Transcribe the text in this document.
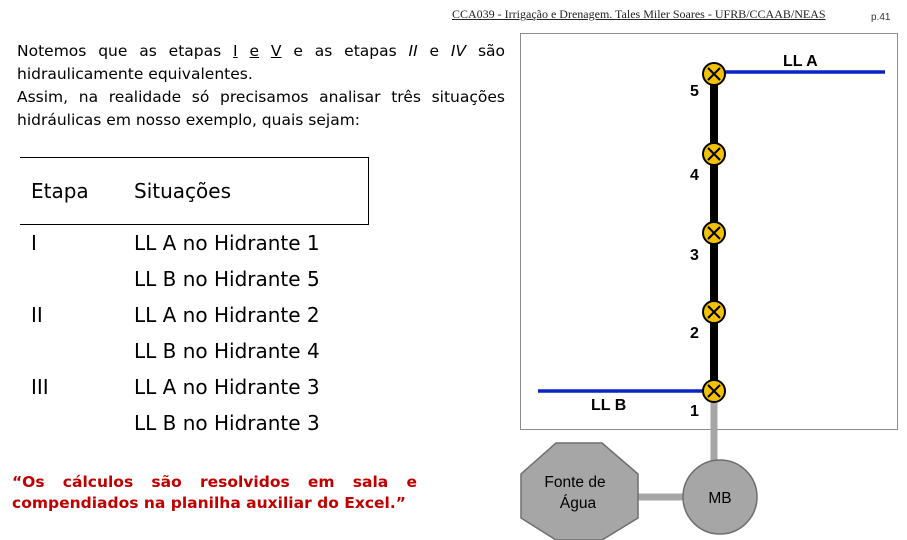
CCA039 - Irrigação e Drenagem. Tales Miler Soares - UFRB/CCAAB/NEAS	p.41

Notemos que as etapas I e V e as etapas II e IV são hidraulicamente equivalentes.

Assim, na realidade só precisamos analisar três situações hidráulicas em nosso exemplo, quais sejam:

Etapa	Situações

I	LL A no Hidrante 1
LL B no Hidrante 5

II	LL A no Hidrante 2
LL B no Hidrante 4

III	LL A no Hidrante 3
LL B no Hidrante 3
“Os cálculos são resolvidos em sala e compendiados na planilha auxiliar do Excel.”
5
4
3
2
1
LL A
LL B
Fonte de
Água	MB
